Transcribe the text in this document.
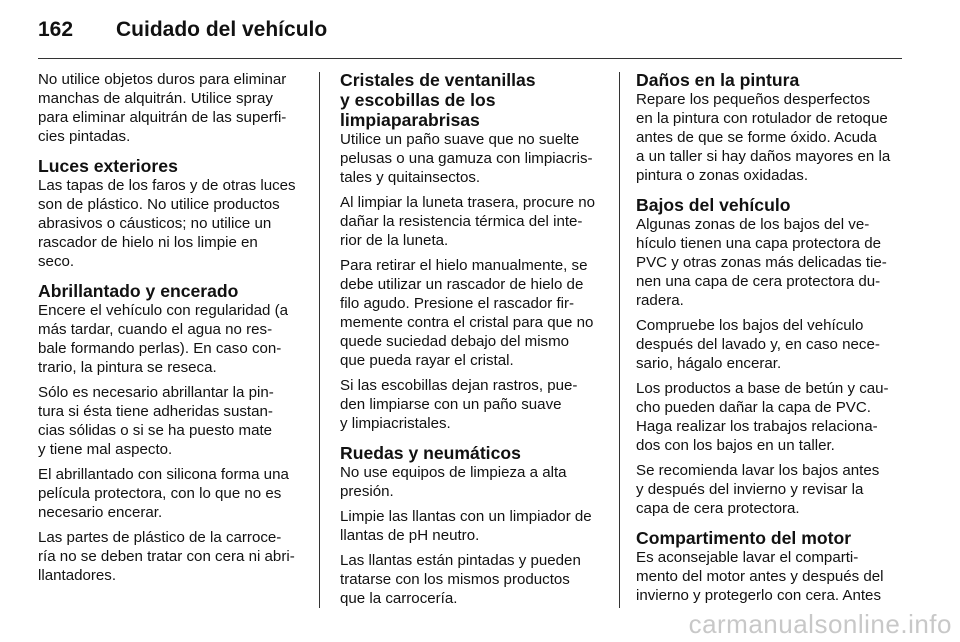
162 Cuidado del vehículo
No utilice objetos duros para eliminar
manchas de alquitrán. Utilice spray
para eliminar alquitrán de las superfi-
cies pintadas.
Luces exteriores
Las tapas de los faros y de otras luces
son de plástico. No utilice productos
abrasivos o cáusticos; no utilice un
rascador de hielo ni los limpie en
seco.
Abrillantado y encerado
Encere el vehículo con regularidad (a
más tardar, cuando el agua no res-
bale formando perlas). En caso con-
trario, la pintura se reseca.
Sólo es necesario abrillantar la pin-
tura si ésta tiene adheridas sustan-
cias sólidas o si se ha puesto mate
y tiene mal aspecto.
El abrillantado con silicona forma una
película protectora, con lo que no es
necesario encerar.
Las partes de plástico de la carroce-
ría no se deben tratar con cera ni abri-
llantadores.
Cristales de ventanillas
y escobillas de los
limpiaparabrisas
Utilice un paño suave que no suelte
pelusas o una gamuza con limpiacris-
tales y quitainsectos.
Al limpiar la luneta trasera, procure no
dañar la resistencia térmica del inte-
rior de la luneta.
Para retirar el hielo manualmente, se
debe utilizar un rascador de hielo de
filo agudo. Presione el rascador fir-
memente contra el cristal para que no
quede suciedad debajo del mismo
que pueda rayar el cristal.
Si las escobillas dejan rastros, pue-
den limpiarse con un paño suave
y limpiacristales.
Ruedas y neumáticos
No use equipos de limpieza a alta
presión.
Limpie las llantas con un limpiador de
llantas de pH neutro.
Las llantas están pintadas y pueden
tratarse con los mismos productos
que la carrocería.
Daños en la pintura
Repare los pequeños desperfectos
en la pintura con rotulador de retoque
antes de que se forme óxido. Acuda
a un taller si hay daños mayores en la
pintura o zonas oxidadas.
Bajos del vehículo
Algunas zonas de los bajos del ve-
hículo tienen una capa protectora de
PVC y otras zonas más delicadas tie-
nen una capa de cera protectora du-
radera.
Compruebe los bajos del vehículo
después del lavado y, en caso nece-
sario, hágalo encerar.
Los productos a base de betún y cau-
cho pueden dañar la capa de PVC.
Haga realizar los trabajos relaciona-
dos con los bajos en un taller.
Se recomienda lavar los bajos antes
y después del invierno y revisar la
capa de cera protectora.
Compartimento del motor
Es aconsejable lavar el comparti-
mento del motor antes y después del
invierno y protegerlo con cera. Antes
carmanualsonline.info
